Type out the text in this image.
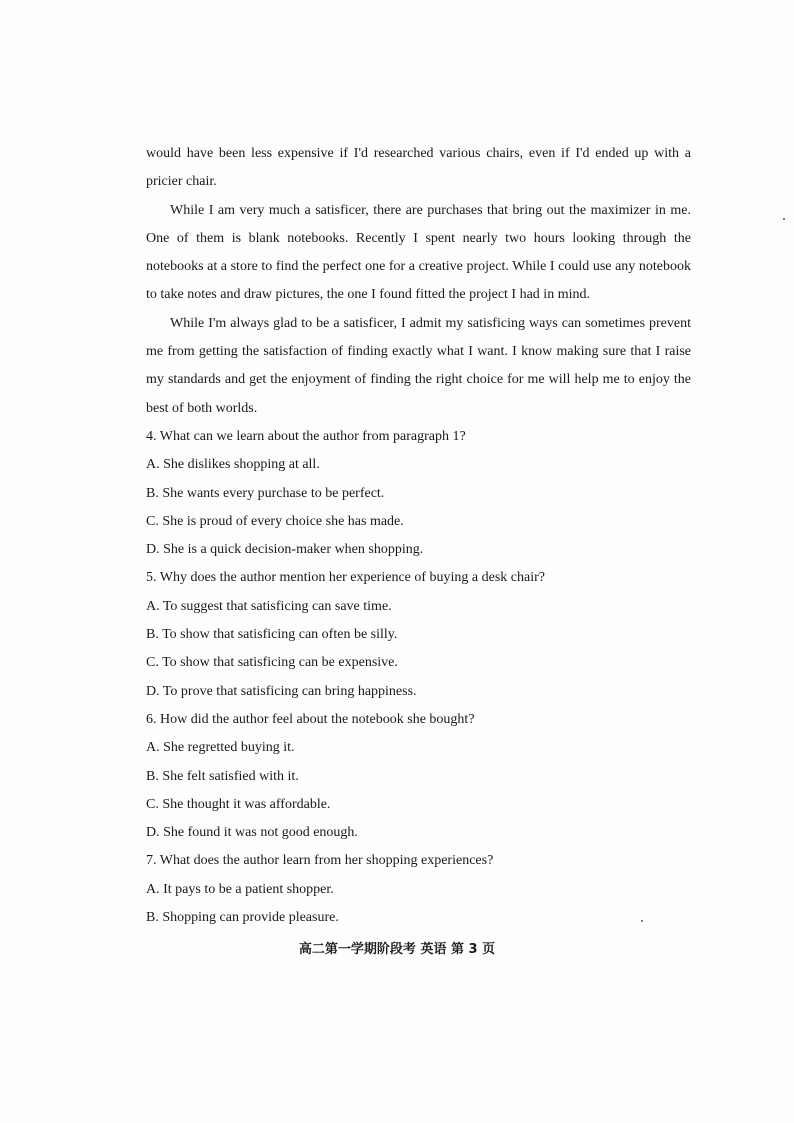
would have been less expensive if I'd researched various chairs, even if I'd ended up with a pricier chair.

While I am very much a satisficer, there are purchases that bring out the maximizer in me. One of them is blank notebooks. Recently I spent nearly two hours looking through the notebooks at a store to find the perfect one for a creative project. While I could use any notebook to take notes and draw pictures, the one I found fitted the project I had in mind.

While I'm always glad to be a satisficer, I admit my satisficing ways can sometimes prevent me from getting the satisfaction of finding exactly what I want. I know making sure that I raise my standards and get the enjoyment of finding the right choice for me will help me to enjoy the best of both worlds.

4. What can we learn about the author from paragraph 1?

A. She dislikes shopping at all.

B. She wants every purchase to be perfect.

C. She is proud of every choice she has made.

D. She is a quick decision-maker when shopping.

5. Why does the author mention her experience of buying a desk chair?

A. To suggest that satisficing can save time.

B. To show that satisficing can often be silly.

C. To show that satisficing can be expensive.

D. To prove that satisficing can bring happiness.

6. How did the author feel about the notebook she bought?

A. She regretted buying it.

B. She felt satisfied with it.

C. She thought it was affordable.

D. She found it was not good enough.

7. What does the author learn from her shopping experiences?

A. It pays to be a patient shopper.

B. Shopping can provide pleasure.

高二第一学期阶段考 英语 第 3 页
